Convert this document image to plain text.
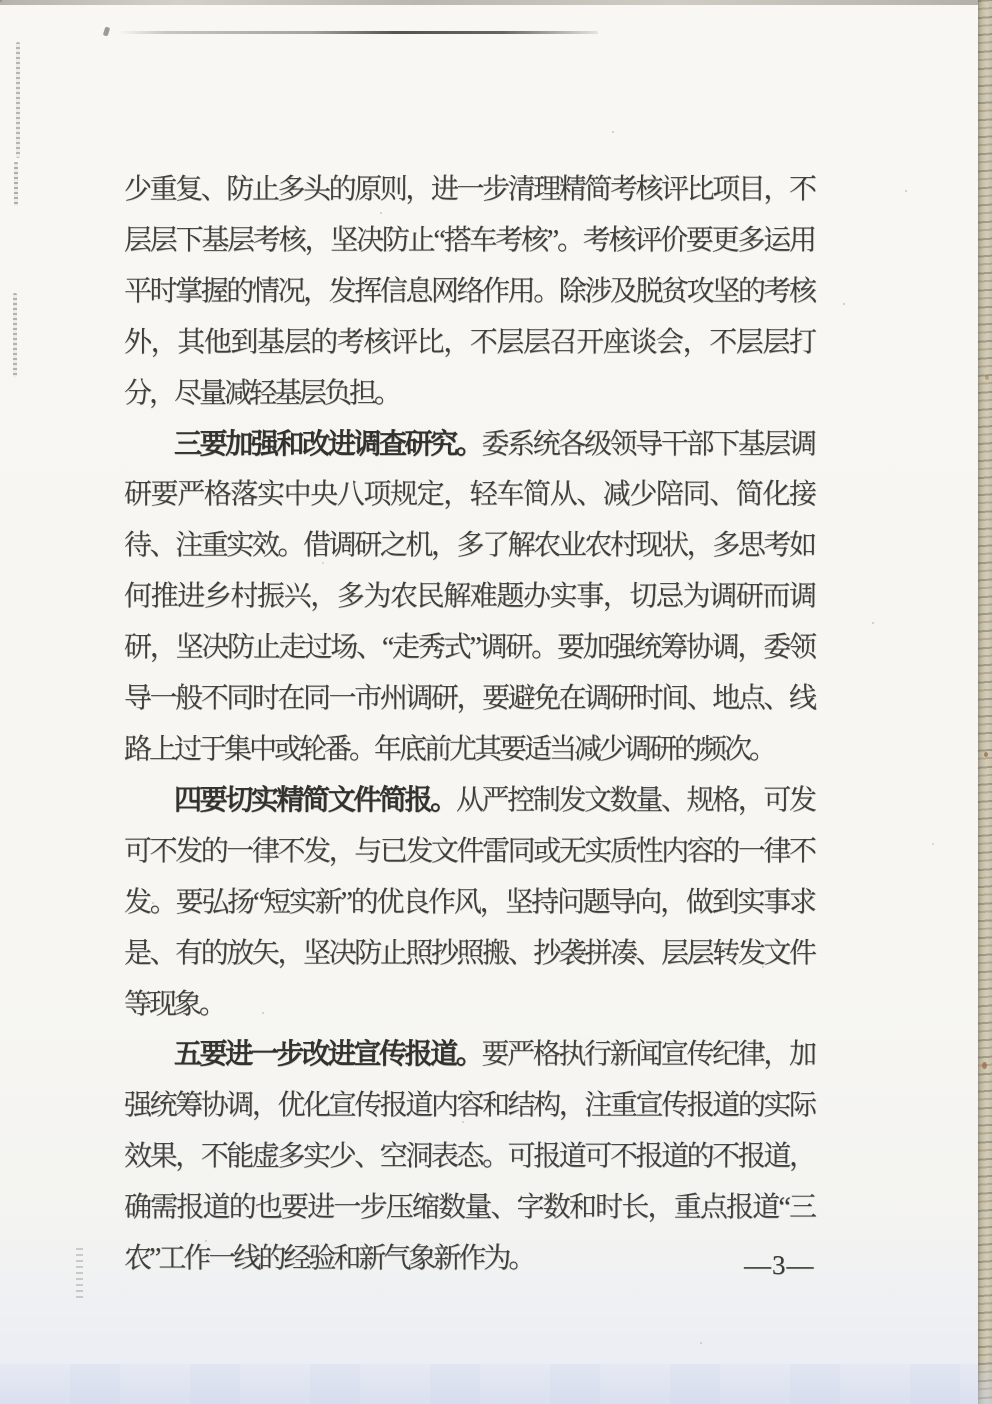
少重复、防止多头的原则，进一步清理精简考核评比项目，不层层下基层考核，坚决防止“搭车考核”。考核评价要更多运用平时掌握的情况，发挥信息网络作用。除涉及脱贫攻坚的考核外，其他到基层的考核评比，不层层召开座谈会，不层层打分，尽量减轻基层负担。

三要加强和改进调查研究。委系统各级领导干部下基层调研要严格落实中央八项规定，轻车简从、减少陪同、简化接待、注重实效。借调研之机，多了解农业农村现状，多思考如何推进乡村振兴，多为农民解难题办实事，切忌为调研而调研，坚决防止走过场、“走秀式”调研。要加强统筹协调，委领导一般不同时在同一市州调研，要避免在调研时间、地点、线路上过于集中或轮番。年底前尤其要适当减少调研的频次。

四要切实精简文件简报。从严控制发文数量、规格，可发可不发的一律不发，与已发文件雷同或无实质性内容的一律不发。要弘扬“短实新”的优良作风，坚持问题导向，做到实事求是、有的放矢，坚决防止照抄照搬、抄袭拼凑、层层转发文件等现象。

五要进一步改进宣传报道。要严格执行新闻宣传纪律，加强统筹协调，优化宣传报道内容和结构，注重宣传报道的实际效果，不能虚多实少、空洞表态。可报道可不报道的不报道，确需报道的也要进一步压缩数量、字数和时长，重点报道“三农”工作一线的经验和新气象新作为。	—3—
